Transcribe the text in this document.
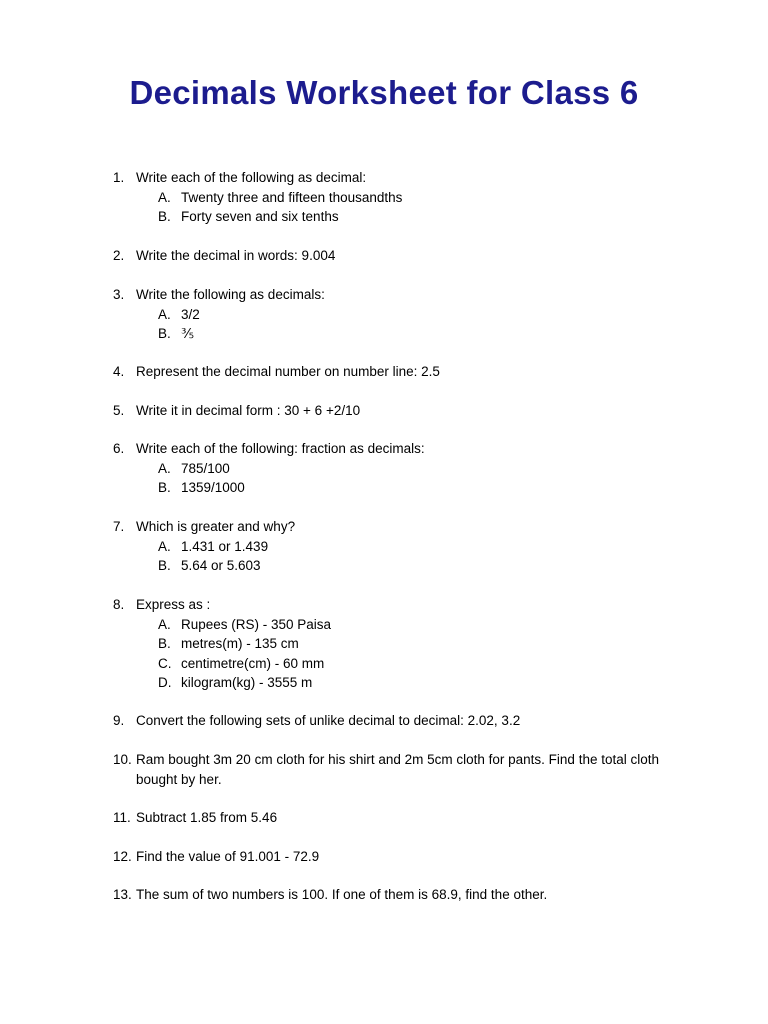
Decimals Worksheet for Class 6
1. Write each of the following as decimal:
A. Twenty three and fifteen thousandths
B. Forty seven and six tenths
2. Write the decimal in words: 9.004
3. Write the following as decimals:
A. 3/2
B. ⅗
4. Represent the decimal number on number line: 2.5
5. Write it in decimal form : 30 + 6 +2/10
6. Write each of the following: fraction as decimals:
A. 785/100
B. 1359/1000
7. Which is greater and why?
A. 1.431 or 1.439
B. 5.64 or 5.603
8. Express as :
A. Rupees (RS) - 350 Paisa
B. metres(m) - 135 cm
C. centimetre(cm) - 60 mm
D. kilogram(kg) - 3555 m
9. Convert the following sets of unlike decimal to decimal: 2.02, 3.2
10. Ram bought 3m 20 cm cloth for his shirt and 2m 5cm cloth for pants. Find the total cloth bought by her.
11. Subtract 1.85 from 5.46
12. Find the value of 91.001 - 72.9
13. The sum of two numbers is 100. If one of them is 68.9, find the other.
